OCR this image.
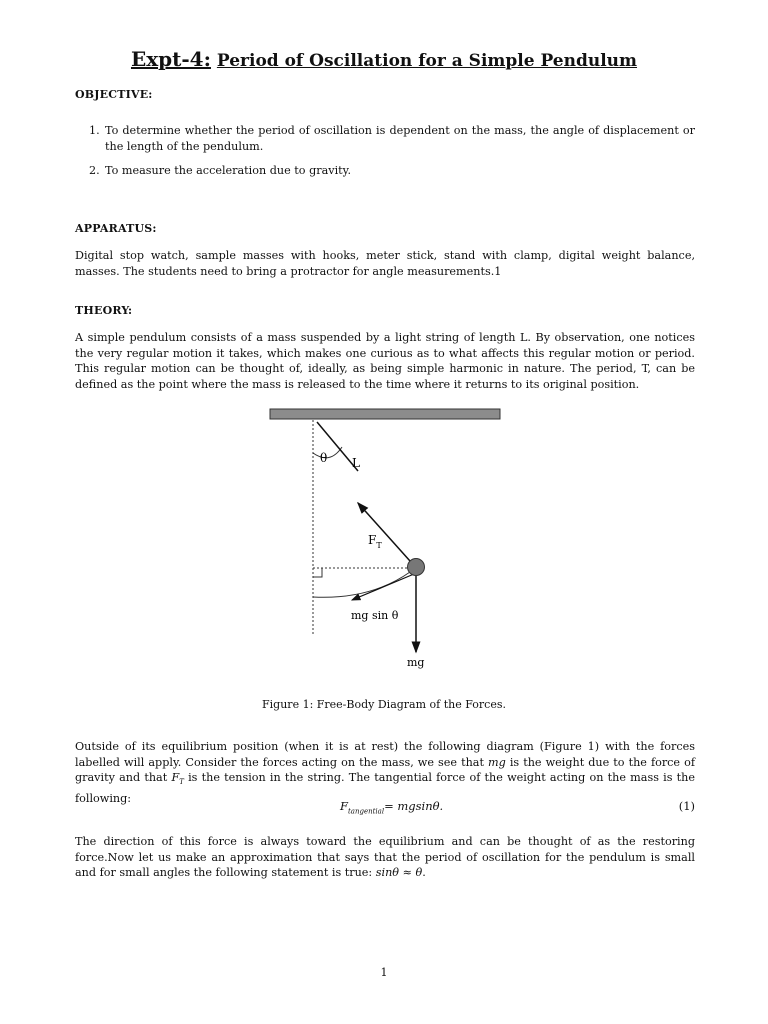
Expt-4: Period of Oscillation for a Simple Pendulum
OBJECTIVE:
1. To determine whether the period of oscillation is dependent on the mass, the angle of displacement or the length of the pendulum.
2. To measure the acceleration due to gravity.
APPARATUS:
Digital stop watch, sample masses with hooks, meter stick, stand with clamp, digital weight balance, masses. The students need to bring a protractor for angle measurements.1
THEORY:
A simple pendulum consists of a mass suspended by a light string of length L. By observation, one notices the very regular motion it takes, which makes one curious as to what affects this regular motion or period. This regular motion can be thought of, ideally, as being simple harmonic in nature. The period, T, can be defined as the point where the mass is released to the time where it returns to its original position.
θ L
$F_T$
mg sin θ
mg
Figure 1: Free-Body Diagram of the Forces.
Outside of its equilibrium position (when it is at rest) the following diagram (Figure 1) with the forces labelled will apply. Consider the forces acting on the mass, we see that mg is the weight due to the force of gravity and that $F_T$ is the tension in the string. The tangential force of the weight acting on the mass is the following:
$F_{tangential}= mgsin\theta$.	(1)
The direction of this force is always toward the equilibrium and can be thought of as the restoring force.Now let us make an approximation that says that the period of oscillation for the pendulum is small and for small angles the following statement is true: sinθ ≈ θ.
1
